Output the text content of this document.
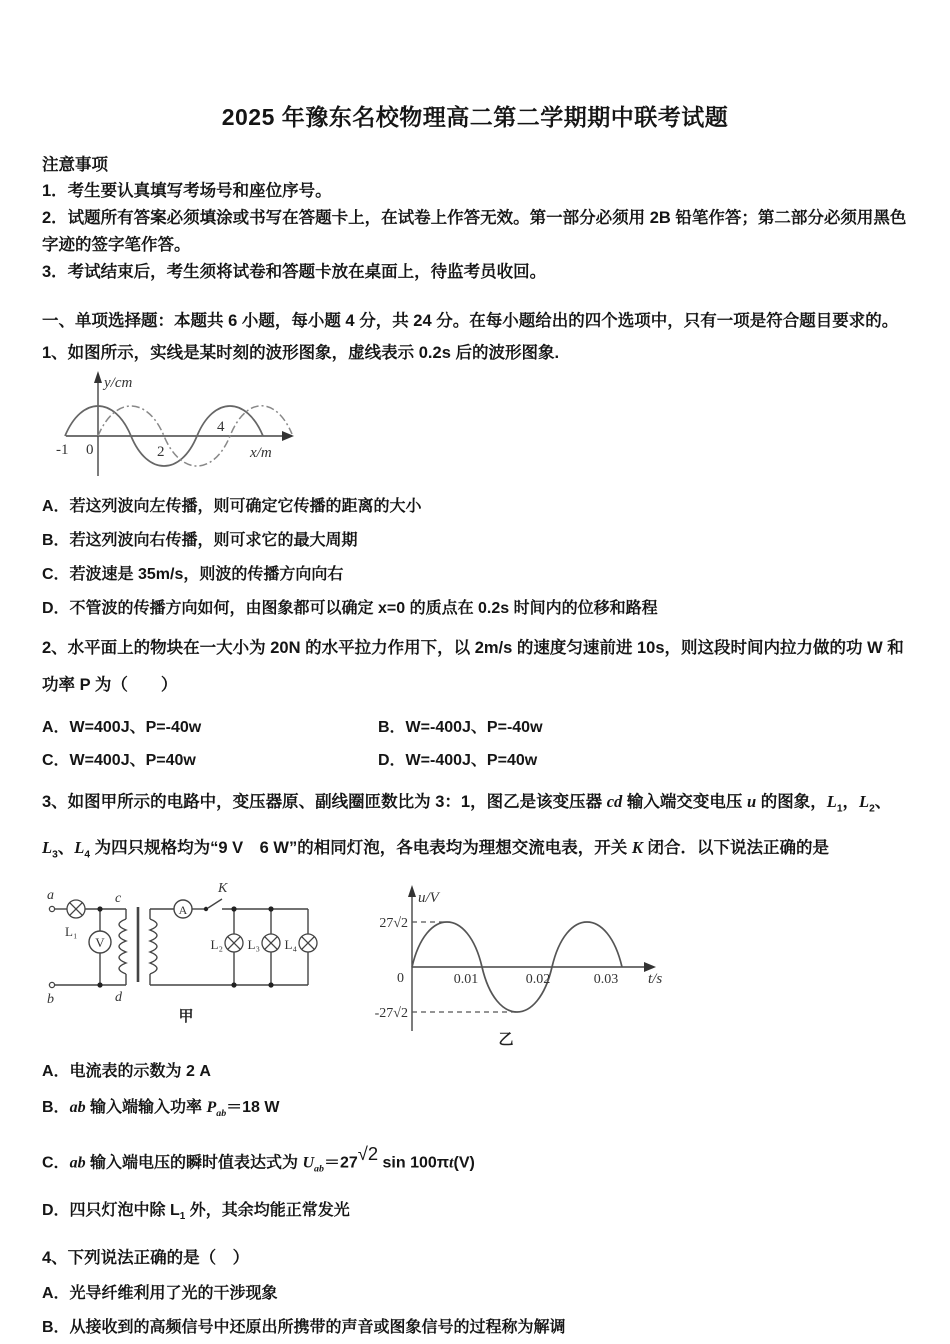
2025 年豫东名校物理高二第二学期期中联考试题

注意事项

1．考生要认真填写考场号和座位序号。

2．试题所有答案必须填涂或书写在答题卡上，在试卷上作答无效。第一部分必须用 2B 铅笔作答；第二部分必须用黑色字迹的签字笔作答。

3．考试结束后，考生须将试卷和答题卡放在桌面上，待监考员收回。

一、单项选择题：本题共 6 小题，每小题 4 分，共 24 分。在每小题给出的四个选项中，只有一项是符合题目要求的。

1、如图所示，实线是某时刻的波形图象，虚线表示 0.2s 后的波形图象.

y/cm
x/m
-1 0	2
4

A．若这列波向左传播，则可确定它传播的距离的大小

B．若这列波向右传播，则可求它的最大周期

C．若波速是 35m/s，则波的传播方向向右

D．不管波的传播方向如何，由图象都可以确定 x=0 的质点在 0.2s 时间内的位移和路程

2、水平面上的物块在一大小为 20N 的水平拉力作用下，以 2m/s 的速度匀速前进 10s，则这段时间内拉力做的功 W 和功率 P 为（　　）

A．W=400J、P=-40w	B．W=-400J、P=-40w

C．W=400J、P=40w	D．W=-400J、P=40w

3、如图甲所示的电路中，变压器原、副线圈匝数比为 3：1，图乙是该变压器 cd 输入端交变电压 u 的图象，$L_1$，$L_2$、$L_3$、$L_4$ 为四只规格均为“9 V　6 W”的相同灯泡，各电表均为理想交流电表，开关 K 闭合．以下说法正确的是

V
A
a
b
c
d
L₁
L₂ L₃ L₄
K
甲
u/V
t/s
27√2
-27√2
0	0.01	0.02	0.03
乙

A．电流表的示数为 2 A

B．ab 输入端输入功率 $P_{ab}=18$ W

C．ab 输入端电压的瞬时值表达式为 $U_{ab}=27^{√2}$ sin 100πt(V)

D．四只灯泡中除 $L_1$ 外，其余均能正常发光

4、下列说法正确的是（　）

A．光导纤维利用了光的干涉现象

B．从接收到的高频信号中还原出所携带的声音或图象信号的过程称为解调
